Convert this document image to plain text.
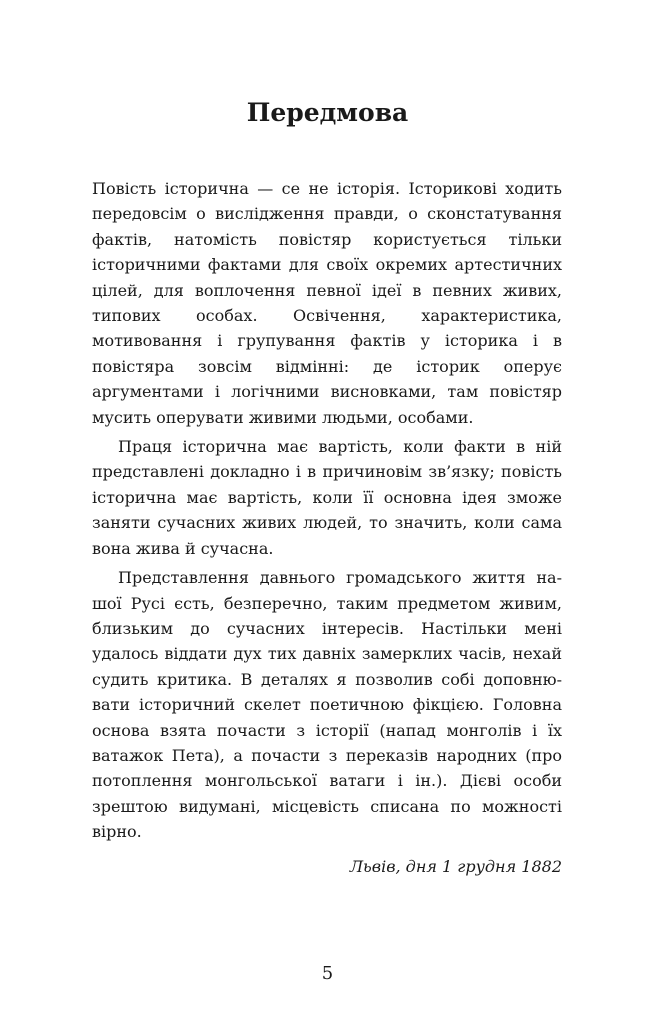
Передмова

Повість історична — се не історія. Історикові ходить передовсім о вислідження правди, о сконстатування фактів, натомість повістяр користується тільки історичними фактами для своїх окремих артестичних цілей, для воплочення певної ідеї в певних живих, типових особах. Освічення, характеристика, мотивовання і групування фактів у історика і в повістяра зовсім відмінні: де історик оперує аргументами і логічними висновками, там повістяр мусить оперувати живими людьми, особами.

Праця історична має вартість, коли факти в ній представлені докладно і в причиновім зв’язку; повість історична має вартість, коли її основна ідея зможе заняти сучасних живих людей, то значить, коли сама вона жива й сучасна.

Представлення давнього громадського життя нашої Русі єсть, безперечно, таким предметом живим, близьким до сучасних інтересів. Настільки мені удалось віддати дух тих давніх замерклих часів, нехай судить критика. В деталях я позволив собі доповнювати історичний скелет поетичною фікцією. Головна основа взята почасти з історії (напад монголів і їх ватажок Пета), а почасти з переказів народних (про потоплення монгольської ватаги і ін.). Дієві особи зрештою видумані, місцевість списана по можності вірно.

Львів, дня 1 грудня 1882
5
